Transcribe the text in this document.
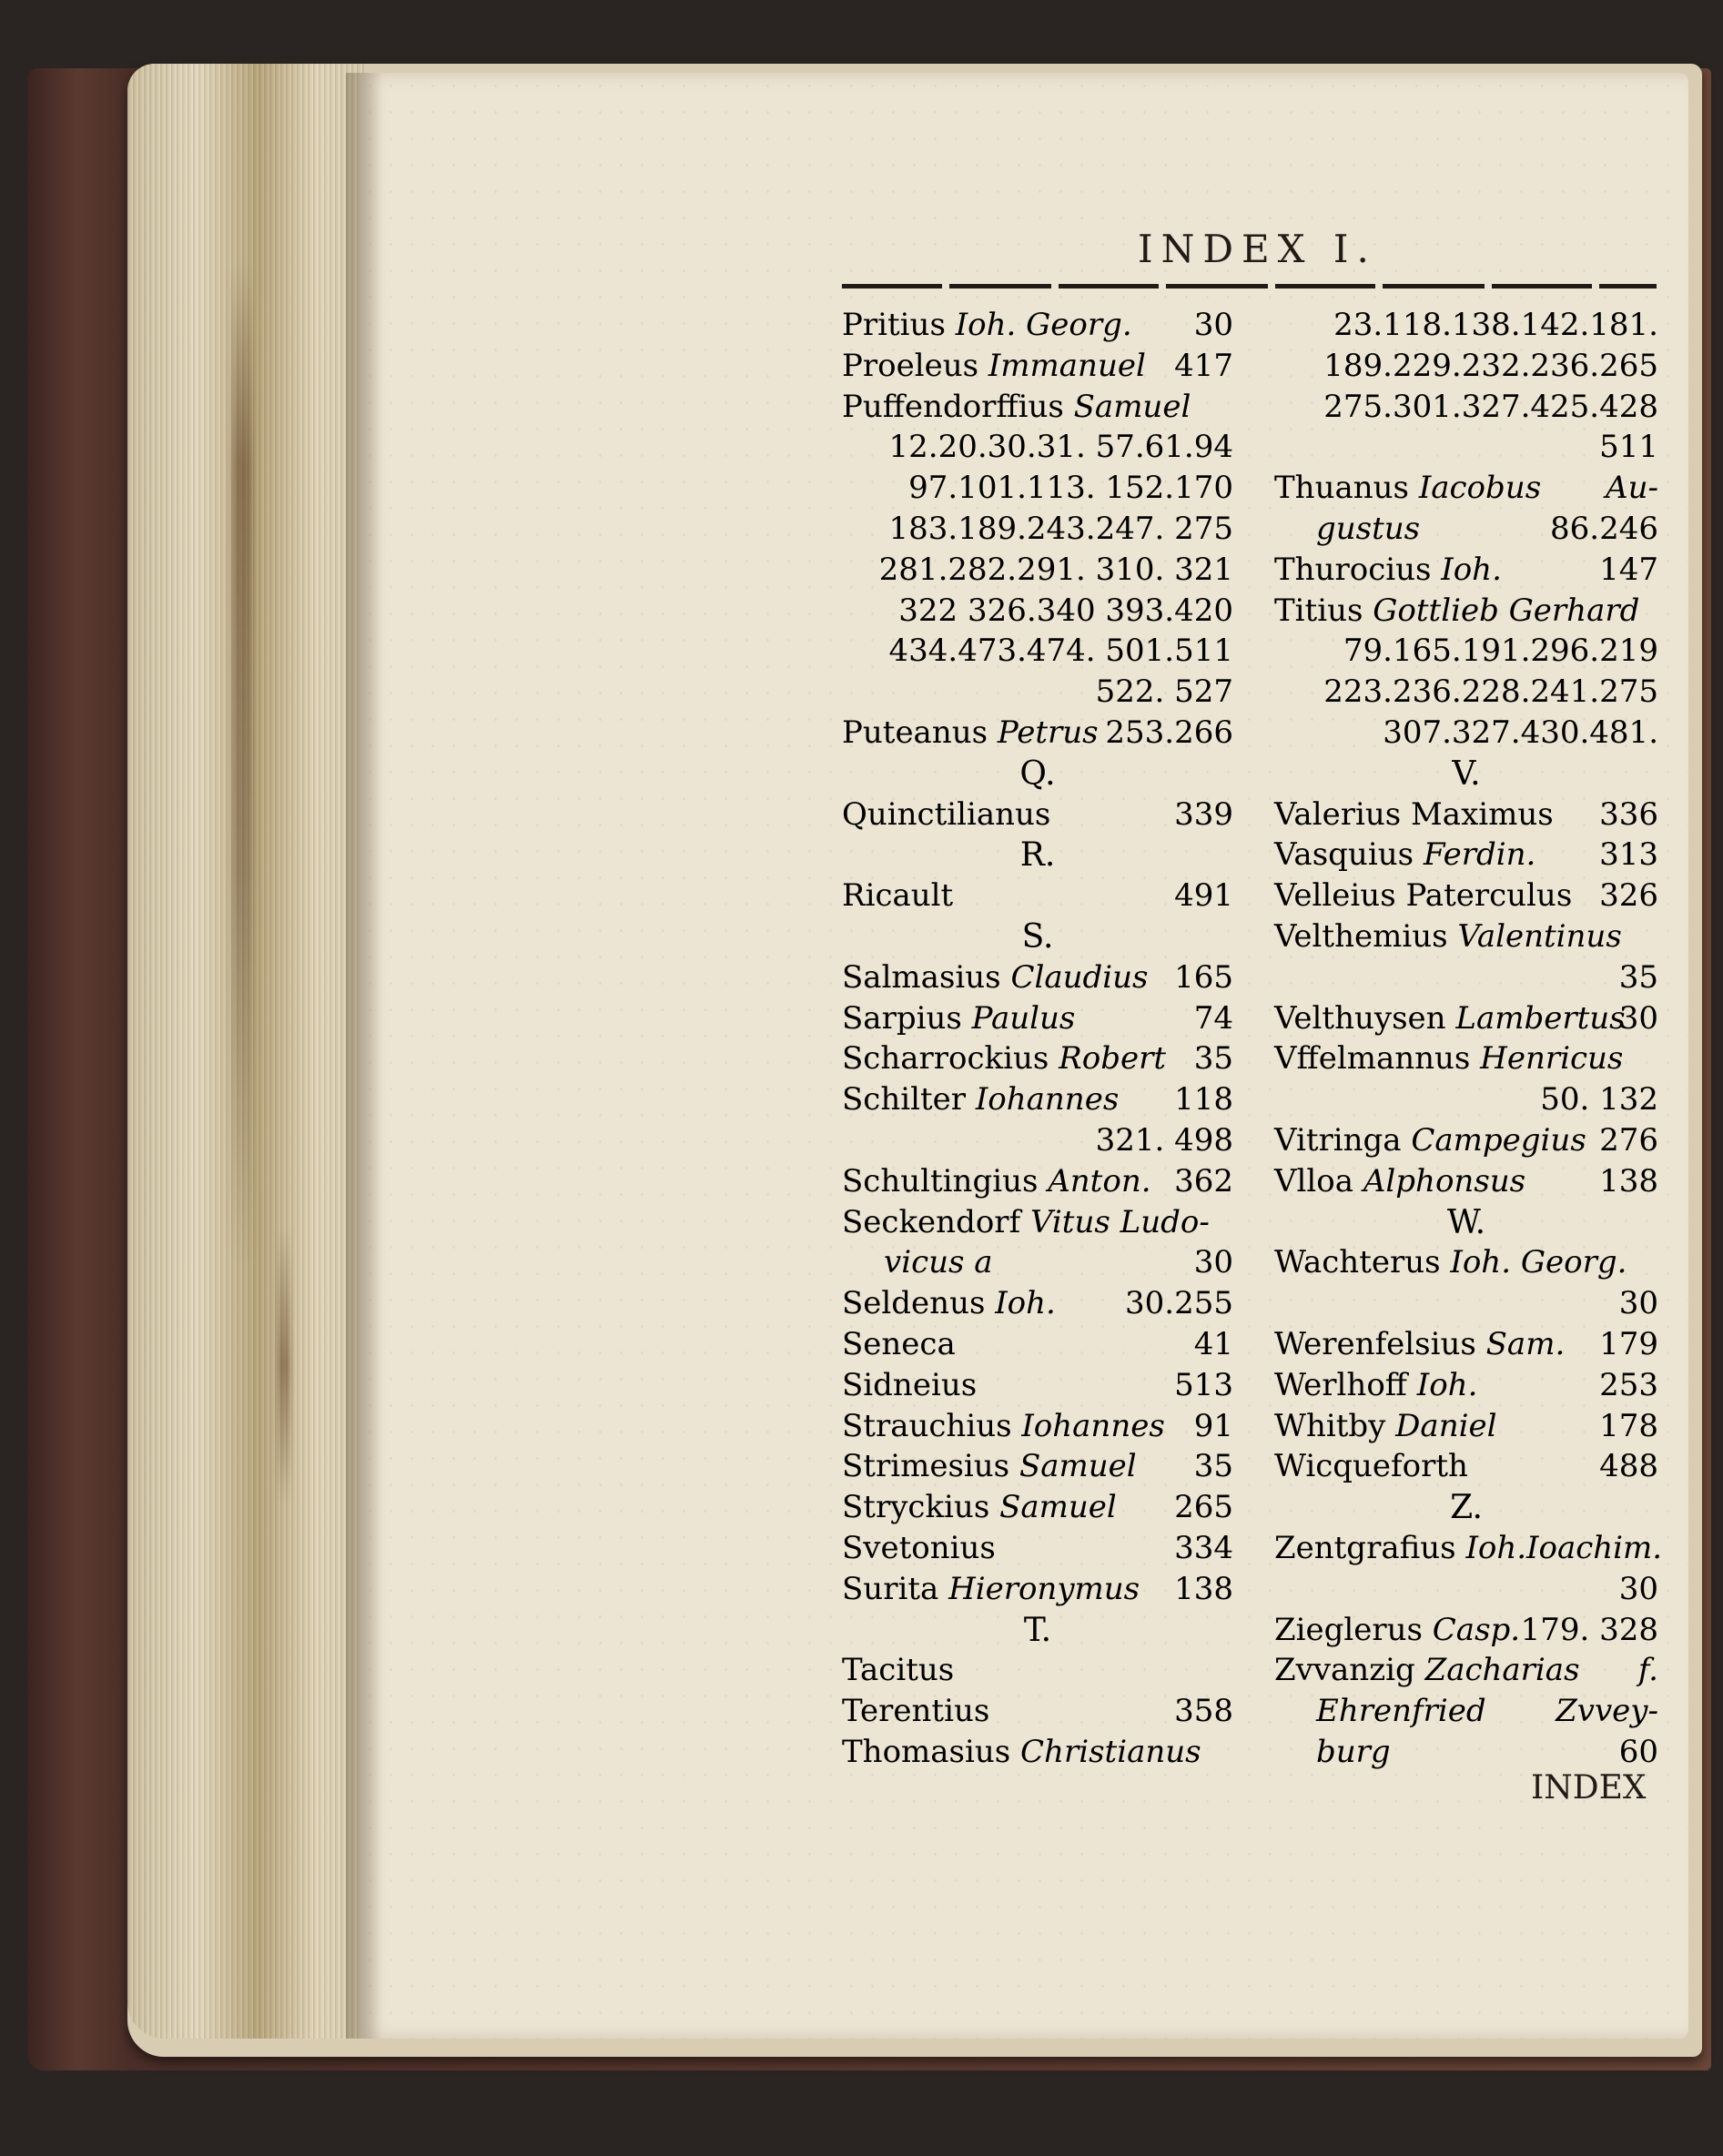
INDEX I.
Pritius Ioh. Georg. 30
Proeleus Immanuel 417
Puffendorffius Samuel
12.20.30.31. 57.61.94
97.101.113. 152.170
183.189.243.247. 275
281.282.291. 310. 321
322 326.340 393.420
434.473.474. 501.511
522. 527
Puteanus Petrus 253.266
Q.
Quinctilianus	339
R.
Ricault	491
S.
Salmasius Claudius 165
Sarpius Paulus	74
Scharrockius Robert 35
Schilter Iohannes 118
321. 498
Schultingius Anton. 362
Seckendorf Vitus Ludo-
vicus a	30
Seldenus Ioh. 30.255
Seneca	41
Sidneius	513
Strauchius Iohannes 91
Strimesius Samuel 35
Stryckius Samuel 265
Svetonius	334
Surita Hieronymus 138
T.
Tacitus
Terentius	358
Thomasius Christianus
23.118.138.142.181.
189.229.232.236.265
275.301.327.425.428
511
Thuanus Iacobus Au-
gustus	86.246
Thurocius Ioh.	147
Titius Gottlieb Gerhard
79.165.191.296.219
223.236.228.241.275
307.327.430.481.
V.
Valerius Maximus 336
Vasquius Ferdin. 313
Velleius Paterculus 326
Velthemius Valentinus
35
Velthuysen Lambertus
30
Vffelmannus Henricus
50. 132
Vitringa Campegius 276
Vlloa Alphonsus 138
W.
Wachterus Ioh. Georg.
30
Werenfelsius Sam. 179
Werlhoff Ioh.	253
Whitby Daniel	178
Wicqueforth	488
Z.
Zentgrafius Ioh.Ioachim.
30
Zieglerus Casp. 179. 328
Zvvanzig Zacharias f.
Ehrenfried Zvvey-
burg	60
INDEX
